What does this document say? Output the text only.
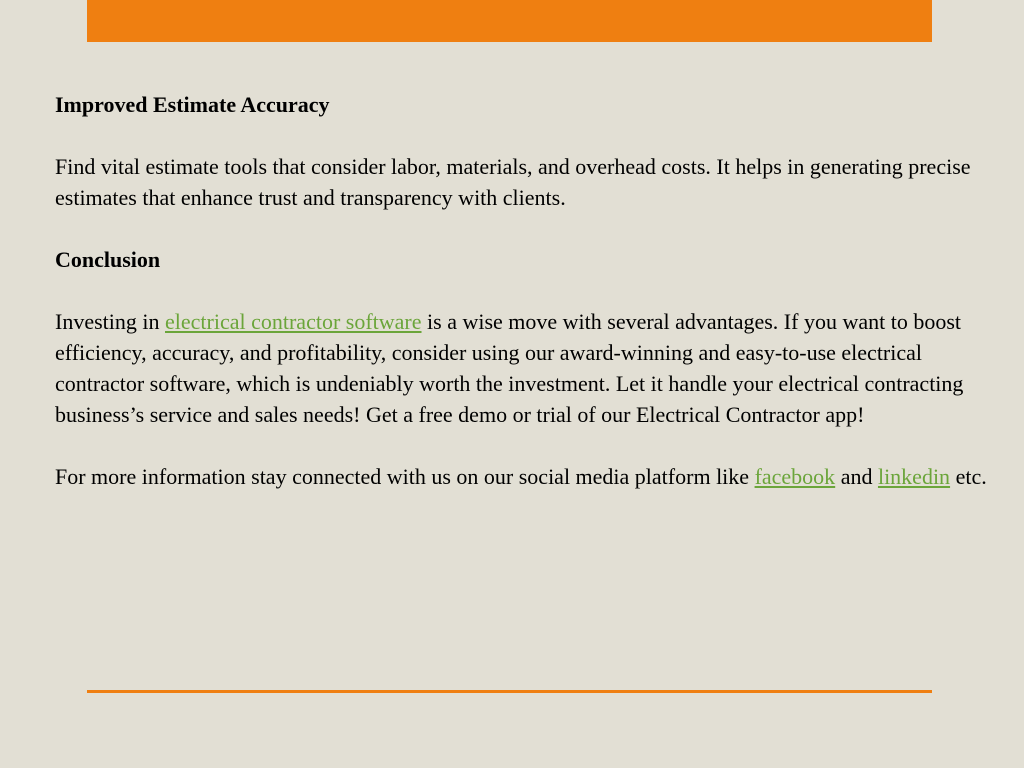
Improved Estimate Accuracy

Find vital estimate tools that consider labor, materials, and overhead costs. It helps in generating precise estimates that enhance trust and transparency with clients.

Conclusion

Investing in electrical contractor software is a wise move with several advantages. If you want to boost efficiency, accuracy, and profitability, consider using our award-winning and easy-to-use electrical contractor software, which is undeniably worth the investment. Let it handle your electrical contracting business’s service and sales needs! Get a free demo or trial of our Electrical Contractor app!

For more information stay connected with us on our social media platform like facebook and linkedin etc.
